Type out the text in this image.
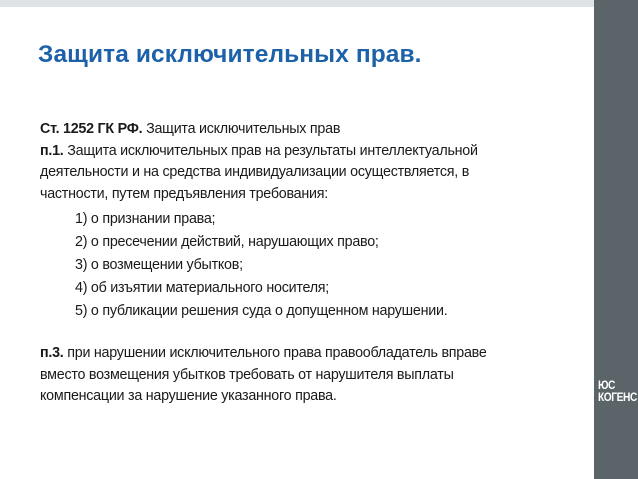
ЮС
КОГЕНС
Защита исключительных прав.
Ст. 1252 ГК РФ. Защита исключительных прав
п.1. Защита исключительных прав на результаты интеллектуальной
деятельности и на средства индивидуализации осуществляется, в
частности, путем предъявления требования:
1) о признании права;
2) о пресечении действий, нарушающих право;
3) о возмещении убытков;
4) об изъятии материального носителя;
5) о публикации решения суда о допущенном нарушении.
п.3. при нарушении исключительного права правообладатель вправе
вместо возмещения убытков требовать от нарушителя выплаты
компенсации за нарушение указанного права.
